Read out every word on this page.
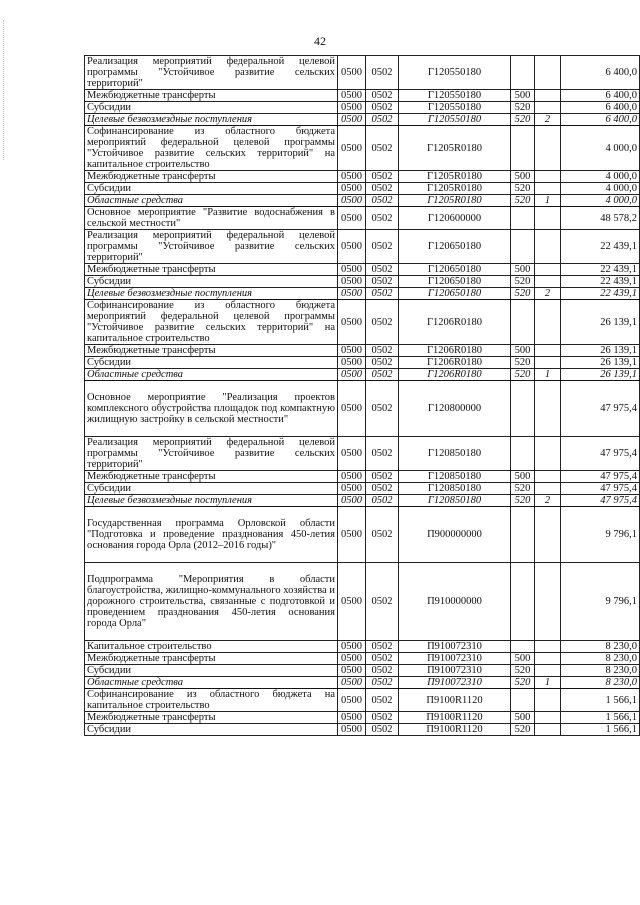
42
Реализация мероприятий федеральной целевой программы "Устойчивое развитие сельских территорий"	0500	0502	Г120550180			6 400,0
Межбюджетные трансферты	0500	0502	Г120550180	500		6 400,0
Субсидии	0500	0502	Г120550180	520		6 400,0
Целевые безвозмездные поступления	0500	0502	Г120550180	520	2	6 400,0
Софинансирование из областного бюджета мероприятий федеральной целевой программы "Устойчивое развитие сельских территорий" на капитальное строительство	0500	0502	Г1205R0180			4 000,0
Межбюджетные трансферты	0500	0502	Г1205R0180	500		4 000,0
Субсидии	0500	0502	Г1205R0180	520		4 000,0
Областные средства	0500	0502	Г1205R0180	520	1	4 000,0
Основное мероприятие "Развитие водоснабжения в сельской местности"	0500	0502	Г120600000			48 578,2
Реализация мероприятий федеральной целевой программы "Устойчивое развитие сельских территорий"	0500	0502	Г120650180			22 439,1
Межбюджетные трансферты	0500	0502	Г120650180	500		22 439,1
Субсидии	0500	0502	Г120650180	520		22 439,1
Целевые безвозмездные поступления	0500	0502	Г120650180	520	2	22 439,1
Софинансирование из областного бюджета мероприятий федеральной целевой программы "Устойчивое развитие сельских территорий" на капитальное строительство	0500	0502	Г1206R0180			26 139,1
Межбюджетные трансферты	0500	0502	Г1206R0180	500		26 139,1
Субсидии	0500	0502	Г1206R0180	520		26 139,1
Областные средства	0500	0502	Г1206R0180	520	1	26 139,1
Основное мероприятие "Реализация проектов комплексного обустройства площадок под компактную жилищную застройку в сельской местности"	0500	0502	Г120800000			47 975,4
Реализация мероприятий федеральной целевой программы "Устойчивое развитие сельских территорий"	0500	0502	Г120850180			47 975,4
Межбюджетные трансферты	0500	0502	Г120850180	500		47 975,4
Субсидии	0500	0502	Г120850180	520		47 975,4
Целевые безвозмездные поступления	0500	0502	Г120850180	520	2	47 975,4
Государственная программа Орловской области "Подготовка и проведение празднования 450-летия основания города Орла (2012–2016 годы)"	0500	0502	П900000000			9 796,1
Подпрограмма "Мероприятия в области благоустройства, жилищно-коммунального хозяйства и дорожного строительства, связанные с подготовкой и проведением празднования 450-летия основания города Орла"	0500	0502	П910000000			9 796,1
Капитальное строительство	0500	0502	П910072310			8 230,0
Межбюджетные трансферты	0500	0502	П910072310	500		8 230,0
Субсидии	0500	0502	П910072310	520		8 230,0
Областные средства	0500	0502	П910072310	520	1	8 230,0
Софинансирование из областного бюджета на капитальное строительство	0500	0502	П9100R1120			1 566,1
Межбюджетные трансферты	0500	0502	П9100R1120	500		1 566,1
Субсидии	0500	0502	П9100R1120	520		1 566,1
